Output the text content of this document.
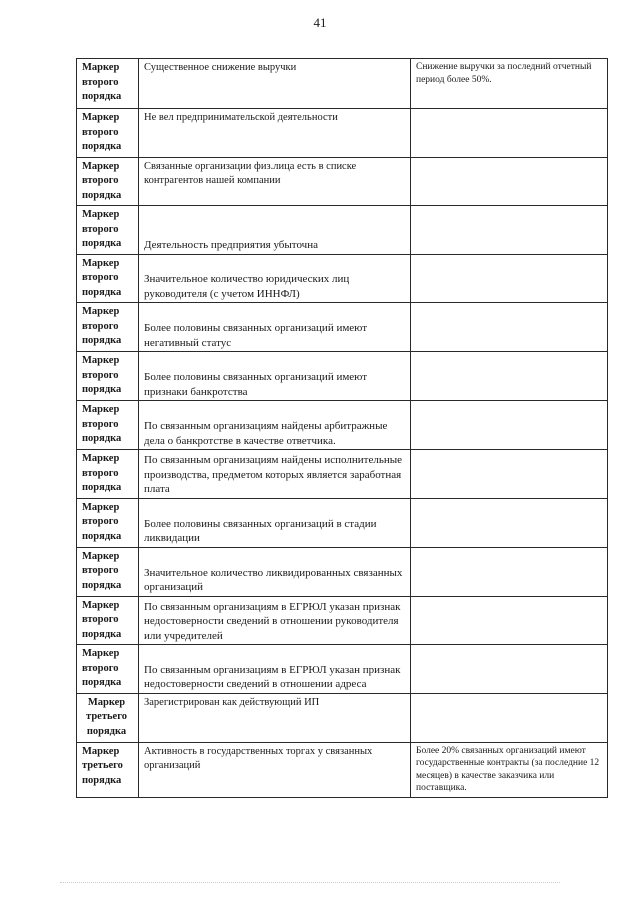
41
Маркер второго порядка	Существенное снижение выручки	Снижение выручки за последний отчетный период более 50%.
Маркер второго порядка	Не вел предпринимательской деятельности	
Маркер второго порядка	Связанные организации физ.лица есть в списке контрагентов нашей компании	
Маркер второго порядка	Деятельность предприятия убыточна	
Маркер второго порядка	Значительное количество юридических лиц руководителя (с учетом ИННФЛ)	
Маркер второго порядка	Более половины связанных организаций имеют негативный статус	
Маркер второго порядка	Более половины связанных организаций имеют признаки банкротства	
Маркер второго порядка	По связанным организациям найдены арбитражные дела о банкротстве в качестве ответчика.	
Маркер второго порядка	По связанным организациям найдены исполнительные производства, предметом которых является заработная плата	
Маркер второго порядка	Более половины связанных организаций в стадии ликвидации	
Маркер второго порядка	Значительное количество ликвидированных связанных организаций	
Маркер второго порядка	По связанным организациям в ЕГРЮЛ указан признак недостоверности сведений в отношении руководителя или учредителей	
Маркер второго порядка	По связанным организациям в ЕГРЮЛ указан признак недостоверности сведений в отношении адреса	
Маркер третьего порядка	Зарегистрирован как действующий ИП	
Маркер третьего порядка	Активность в государственных торгах у связанных организаций	Более 20% связанных организаций имеют государственные контракты (за последние 12 месяцев) в качестве заказчика или поставщика.
